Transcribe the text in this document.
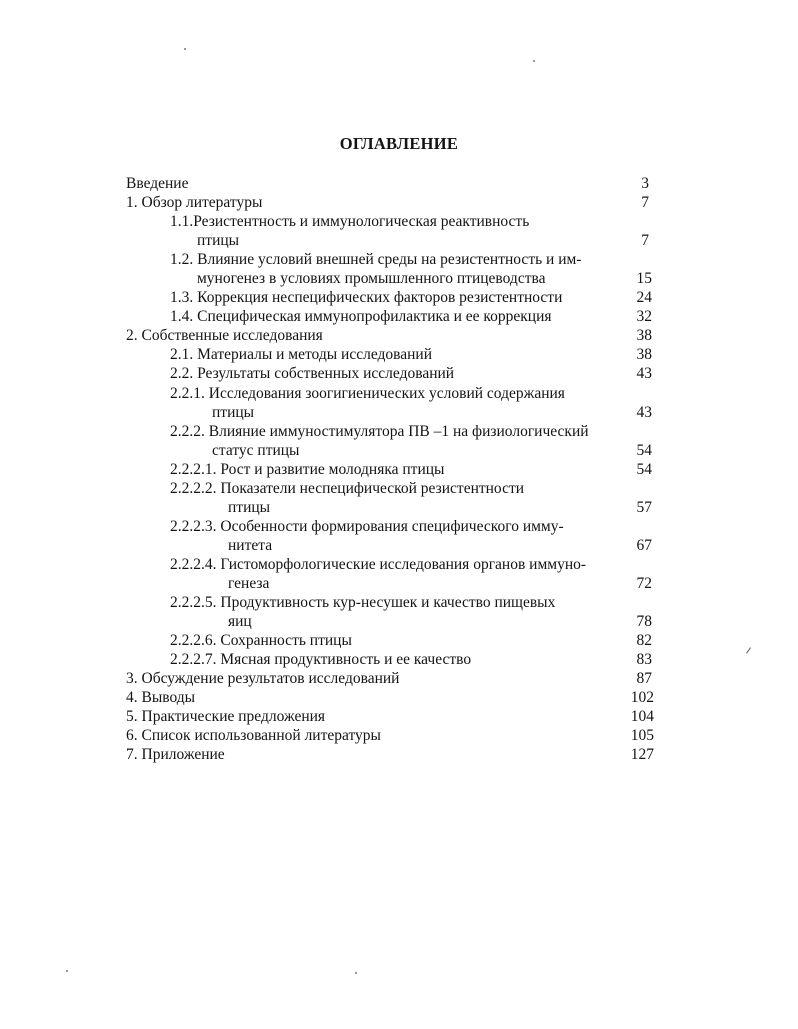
ОГЛАВЛЕНИЕ
Введение	3
1. Обзор литературы	7
1.1.Резистентность и иммунологическая реактивность
птицы	7
1.2. Влияние условий внешней среды на резистентность и им-
муногенез в условиях промышленного птицеводства	15
1.3. Коррекция неспецифических факторов резистентности	24
1.4. Специфическая иммунопрофилактика и ее коррекция	32
2. Собственные исследования	38
2.1. Материалы и методы исследований	38
2.2. Результаты собственных исследований	43
2.2.1. Исследования зоогигиенических условий содержания
птицы	43
2.2.2. Влияние иммуностимулятора ПВ –1 на физиологический
статус птицы	54
2.2.2.1. Рост и развитие молодняка птицы	54
2.2.2.2. Показатели неспецифической резистентности
птицы	57
2.2.2.3. Особенности формирования специфического имму-
нитета	67
2.2.2.4. Гистоморфологические исследования органов иммуно-
генеза	72
2.2.2.5. Продуктивность кур-несушек и качество пищевых
яиц	78
2.2.2.6. Сохранность птицы	82
2.2.2.7. Мясная продуктивность и ее качество	83
3. Обсуждение результатов исследований	87
4. Выводы	102
5. Практические предложения	104
6. Список использованной литературы	105
7. Приложение	127
